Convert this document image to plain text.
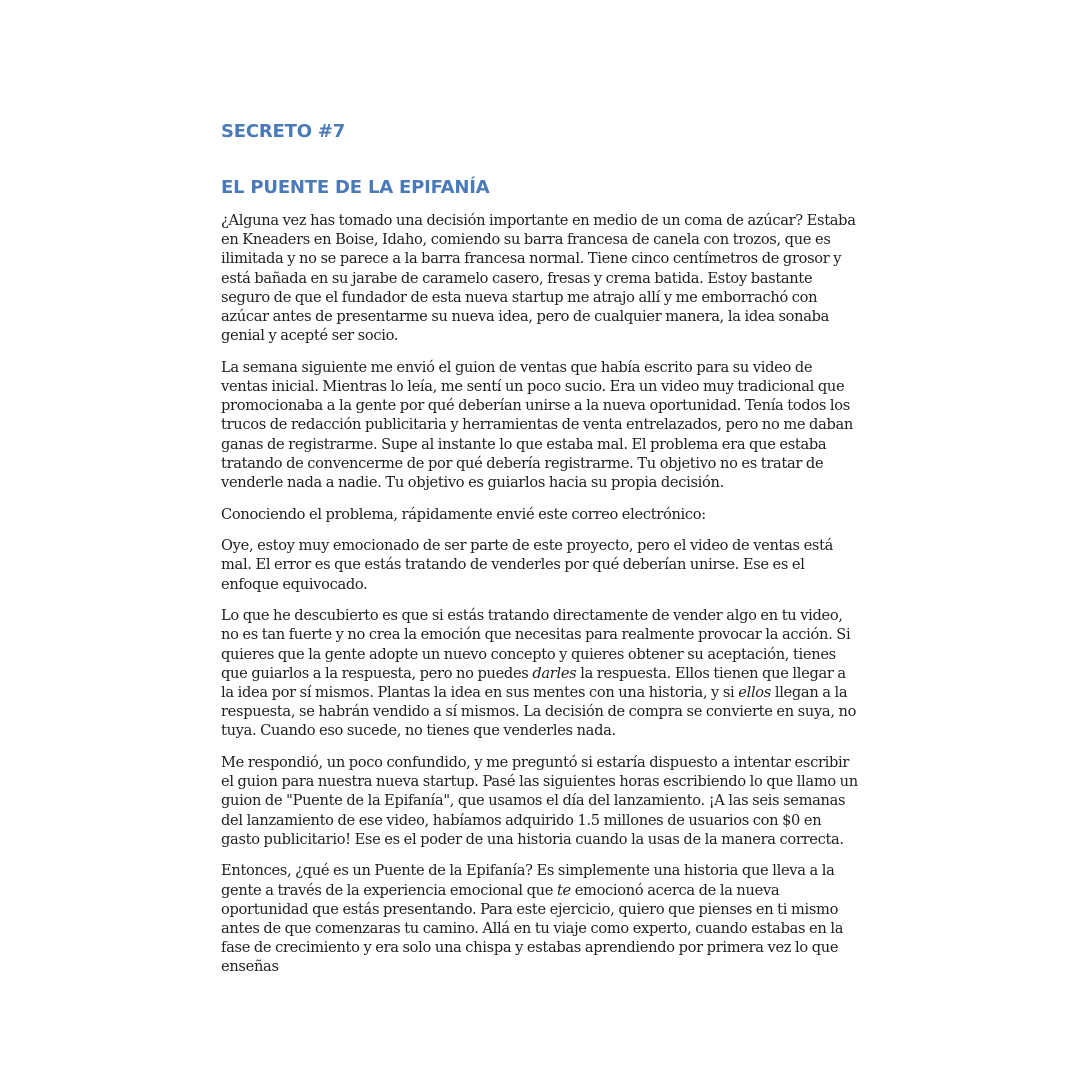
SECRETO #7
EL PUENTE DE LA EPIFANÍA

¿Alguna vez has tomado una decisión importante en medio de un coma de azúcar? Estaba en Kneaders en Boise, Idaho, comiendo su barra francesa de canela con trozos, que es ilimitada y no se parece a la barra francesa normal. Tiene cinco centímetros de grosor y está bañada en su jarabe de caramelo casero, fresas y crema batida. Estoy bastante seguro de que el fundador de esta nueva startup me atrajo allí y me emborrachó con azúcar antes de presentarme su nueva idea, pero de cualquier manera, la idea sonaba genial y acepté ser socio.

La semana siguiente me envió el guion de ventas que había escrito para su video de ventas inicial. Mientras lo leía, me sentí un poco sucio. Era un video muy tradicional que promocionaba a la gente por qué deberían unirse a la nueva oportunidad. Tenía todos los trucos de redacción publicitaria y herramientas de venta entrelazados, pero no me daban ganas de registrarme. Supe al instante lo que estaba mal. El problema era que estaba tratando de convencerme de por qué debería registrarme. Tu objetivo no es tratar de venderle nada a nadie. Tu objetivo es guiarlos hacia su propia decisión.

Conociendo el problema, rápidamente envié este correo electrónico:

Oye, estoy muy emocionado de ser parte de este proyecto, pero el video de ventas está mal. El error es que estás tratando de venderles por qué deberían unirse. Ese es el enfoque equivocado.

Lo que he descubierto es que si estás tratando directamente de vender algo en tu video, no es tan fuerte y no crea la emoción que necesitas para realmente provocar la acción. Si quieres que la gente adopte un nuevo concepto y quieres obtener su aceptación, tienes que guiarlos a la respuesta, pero no puedes darles la respuesta. Ellos tienen que llegar a la idea por sí mismos. Plantas la idea en sus mentes con una historia, y si ellos llegan a la respuesta, se habrán vendido a sí mismos. La decisión de compra se convierte en suya, no tuya. Cuando eso sucede, no tienes que venderles nada.

Me respondió, un poco confundido, y me preguntó si estaría dispuesto a intentar escribir el guion para nuestra nueva startup. Pasé las siguientes horas escribiendo lo que llamo un guion de "Puente de la Epifanía", que usamos el día del lanzamiento. ¡A las seis semanas del lanzamiento de ese video, habíamos adquirido 1.5 millones de usuarios con $0 en gasto publicitario! Ese es el poder de una historia cuando la usas de la manera correcta.

Entonces, ¿qué es un Puente de la Epifanía? Es simplemente una historia que lleva a la gente a través de la experiencia emocional que te emocionó acerca de la nueva oportunidad que estás presentando. Para este ejercicio, quiero que pienses en ti mismo antes de que comenzaras tu camino. Allá en tu viaje como experto, cuando estabas en la fase de crecimiento y era solo una chispa y estabas aprendiendo por primera vez lo que enseñas
